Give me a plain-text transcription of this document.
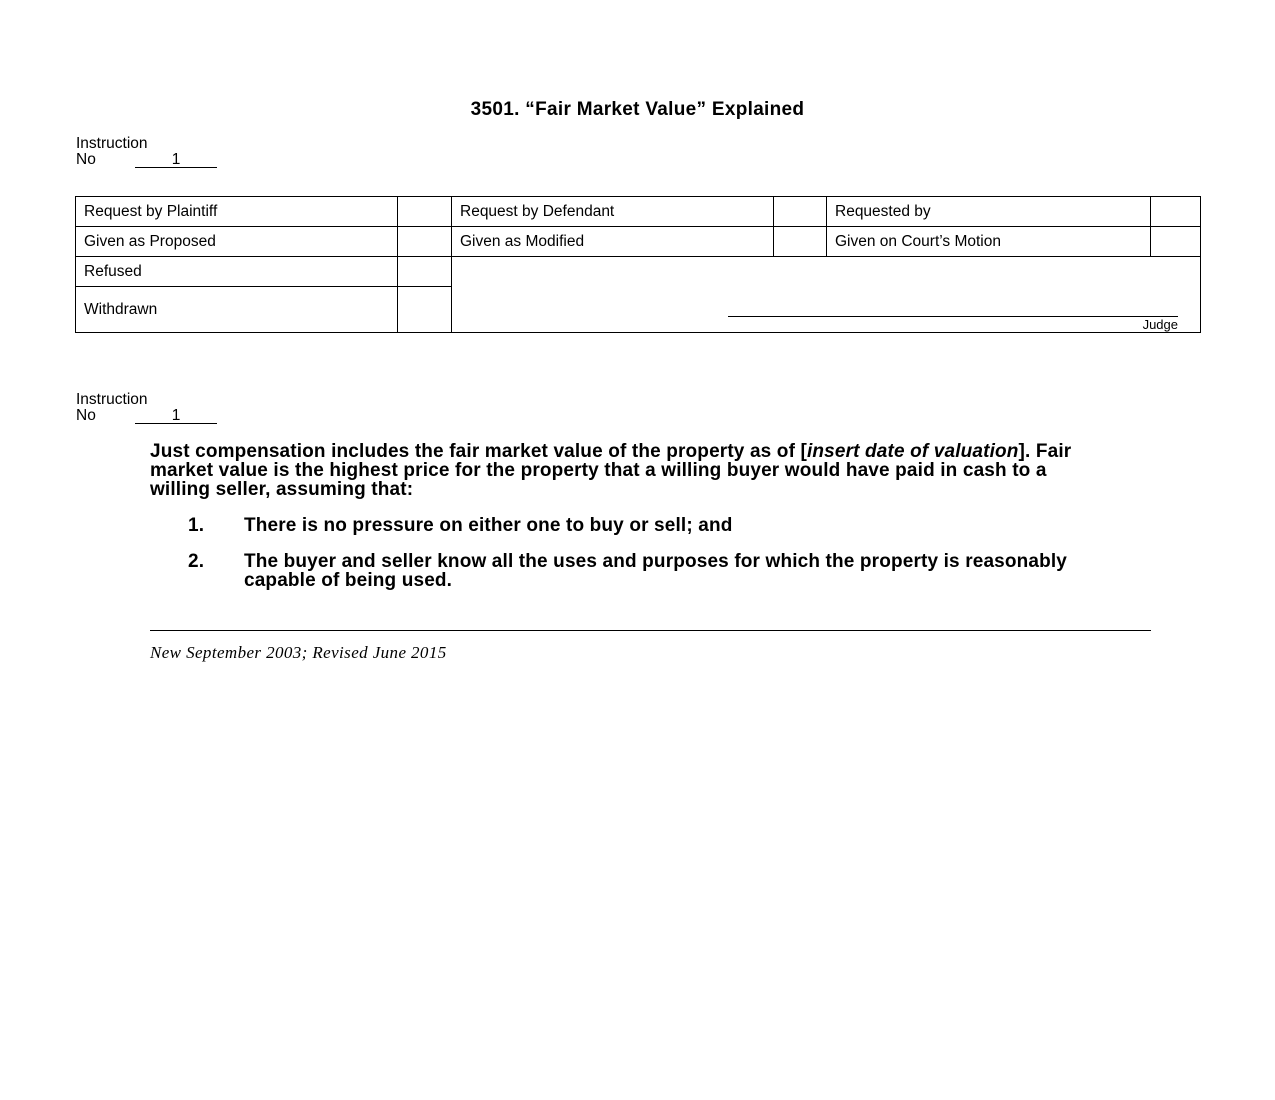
3501. “Fair Market Value” Explained
Instruction
No	1
Request by Plaintiff		Request by Defendant		Requested by	
Given as Proposed		Given as Modified		Given on Court’s Motion	
Refused		Judge			

Withdrawn					
Instruction
No	1
Just compensation includes the fair market value of the property as of [insert date of valuation]. Fair market value is the highest price for the property that a willing buyer would have paid in cash to a willing seller, assuming that:
1. There is no pressure on either one to buy or sell; and
2. The buyer and seller know all the uses and purposes for which the property is reasonably capable of being used.
New September 2003; Revised June 2015
